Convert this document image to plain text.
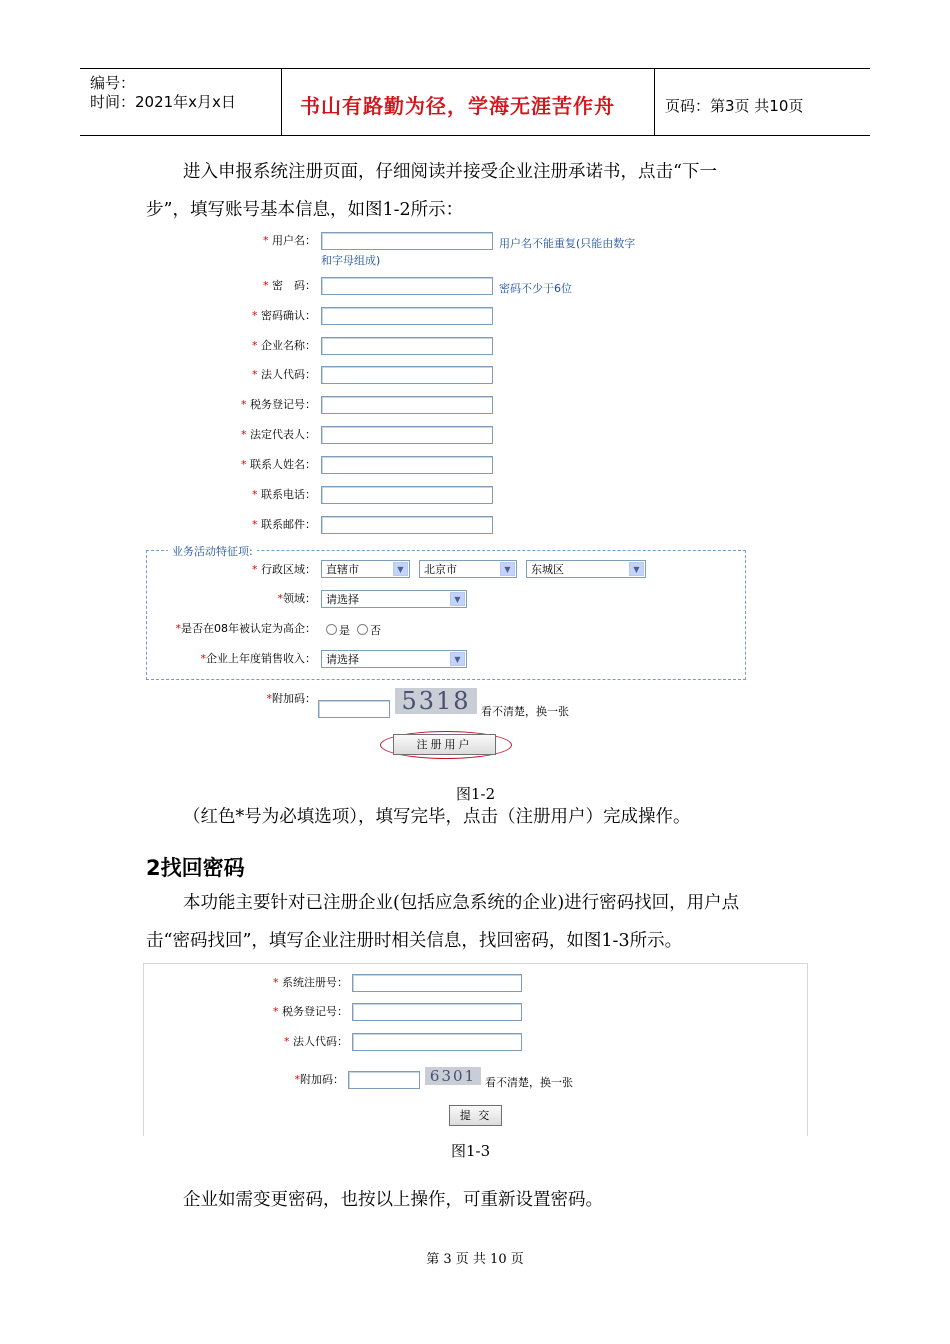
编号：
时间：2021年x月x日	书山有路勤为径，学海无涯苦作舟	页码：第3页 共10页
进入申报系统注册页面，仔细阅读并接受企业注册承诺书，点击“下一
步”，填写账号基本信息，如图1-2所示：
* 用户名：	用户名不能重复(只能由数字
和字母组成)
* 密　码：	密码不少于6位
* 密码确认：
* 企业名称：
* 法人代码：
* 税务登记号：
* 法定代表人：
* 联系人姓名：
* 联系电话：
* 联系邮件：
业务活动特征项:
* 行政区域： 直辖市	▼	北京市	▼	东城区	▼
*领域： 请选择	▼
*是否在08年被认定为高企：	是 否
*企业上年度销售收入： 请选择	▼
*附加码：	5318 看不清楚，换一张
注册用户
图1-2
（红色*号为必填选项），填写完毕，点击（注册用户）完成操作。
2找回密码
本功能主要针对已注册企业(包括应急系统的企业)进行密码找回，用户点
击“密码找回”，填写企业注册时相关信息，找回密码，如图1-3所示。
* 系统注册号：
* 税务登记号：
* 法人代码：
*附加码：	6301 看不清楚，换一张
提 交
图1-3
企业如需变更密码，也按以上操作，可重新设置密码。
第 3 页 共 10 页
